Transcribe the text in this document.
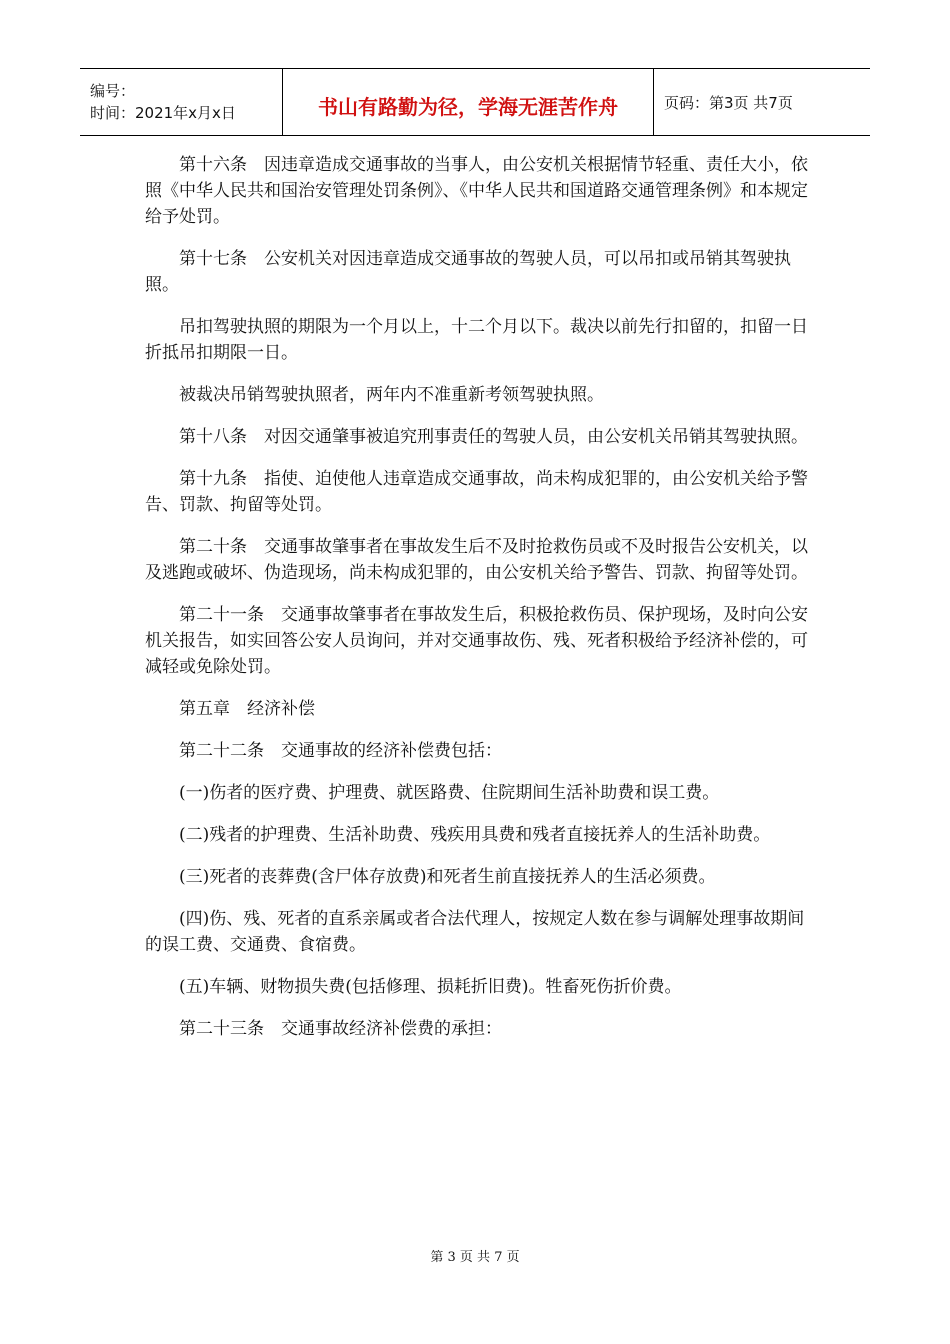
编号：
时间：2021年x月x日	书山有路勤为径，学海无涯苦作舟	页码：第3页 共7页

第十六条　因违章造成交通事故的当事人，由公安机关根据情节轻重、责任大小，依照《中华人民共和国治安管理处罚条例》、《中华人民共和国道路交通管理条例》和本规定给予处罚。

第十七条　公安机关对因违章造成交通事故的驾驶人员，可以吊扣或吊销其驾驶执照。

吊扣驾驶执照的期限为一个月以上，十二个月以下。裁决以前先行扣留的，扣留一日折抵吊扣期限一日。

被裁决吊销驾驶执照者，两年内不准重新考领驾驶执照。

第十八条　对因交通肇事被追究刑事责任的驾驶人员，由公安机关吊销其驾驶执照。

第十九条　指使、迫使他人违章造成交通事故，尚未构成犯罪的，由公安机关给予警告、罚款、拘留等处罚。

第二十条　交通事故肇事者在事故发生后不及时抢救伤员或不及时报告公安机关，以及逃跑或破坏、伪造现场，尚未构成犯罪的，由公安机关给予警告、罚款、拘留等处罚。

第二十一条　交通事故肇事者在事故发生后，积极抢救伤员、保护现场，及时向公安机关报告，如实回答公安人员询问，并对交通事故伤、残、死者积极给予经济补偿的，可减轻或免除处罚。

第五章　经济补偿

第二十二条　交通事故的经济补偿费包括：

(一)伤者的医疗费、护理费、就医路费、住院期间生活补助费和误工费。

(二)残者的护理费、生活补助费、残疾用具费和残者直接抚养人的生活补助费。

(三)死者的丧葬费(含尸体存放费)和死者生前直接抚养人的生活必须费。

(四)伤、残、死者的直系亲属或者合法代理人，按规定人数在参与调解处理事故期间的误工费、交通费、食宿费。

(五)车辆、财物损失费(包括修理、损耗折旧费)。牲畜死伤折价费。

第二十三条　交通事故经济补偿费的承担：

第 3 页 共 7 页
